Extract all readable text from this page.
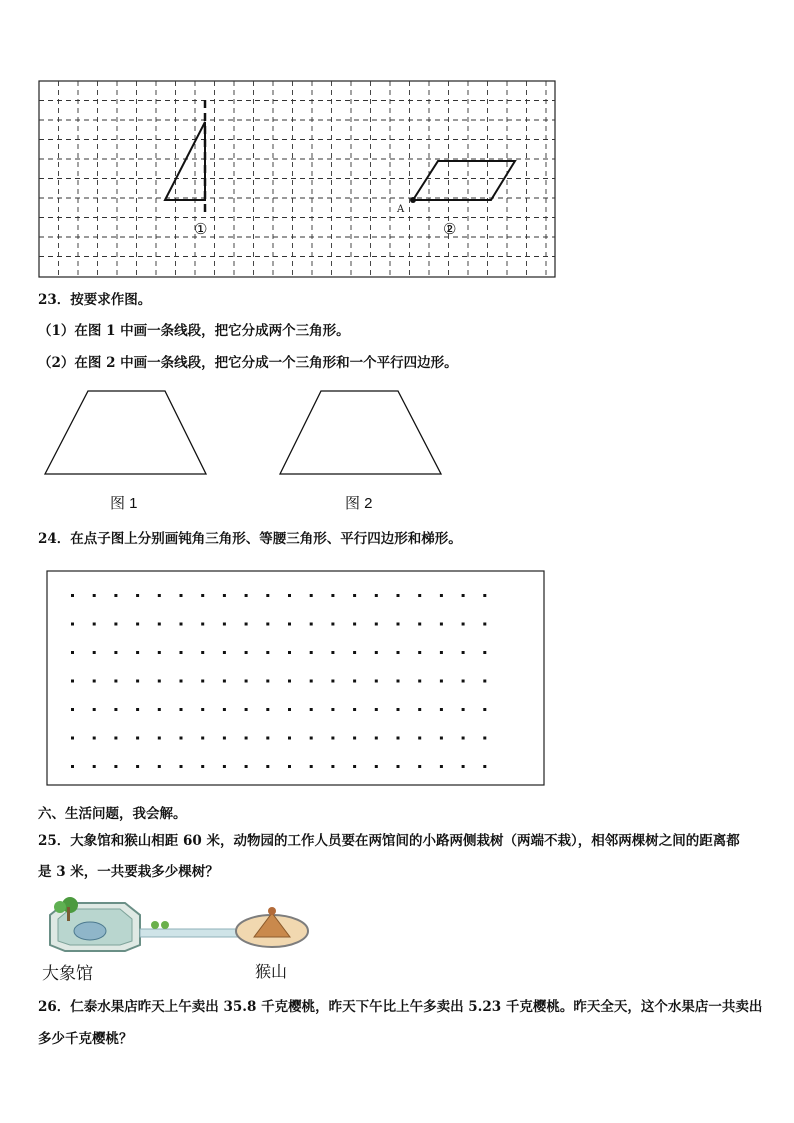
①	②
A
23．按要求作图。
（1）在图 1 中画一条线段，把它分成两个三角形。
（2）在图 2 中画一条线段，把它分成一个三角形和一个平行四边形。
图 1	图 2
24．在点子图上分别画钝角三角形、等腰三角形、平行四边形和梯形。
六、生活问题，我会解。
25．大象馆和猴山相距 60 米，动物园的工作人员要在两馆间的小路两侧栽树（两端不栽），相邻两棵树之间的距离都
是 3 米，一共要栽多少棵树？
大象馆	猴山
26．仁泰水果店昨天上午卖出 35.8 千克樱桃，昨天下午比上午多卖出 5.23 千克樱桃。昨天全天，这个水果店一共卖出
多少千克樱桃？
